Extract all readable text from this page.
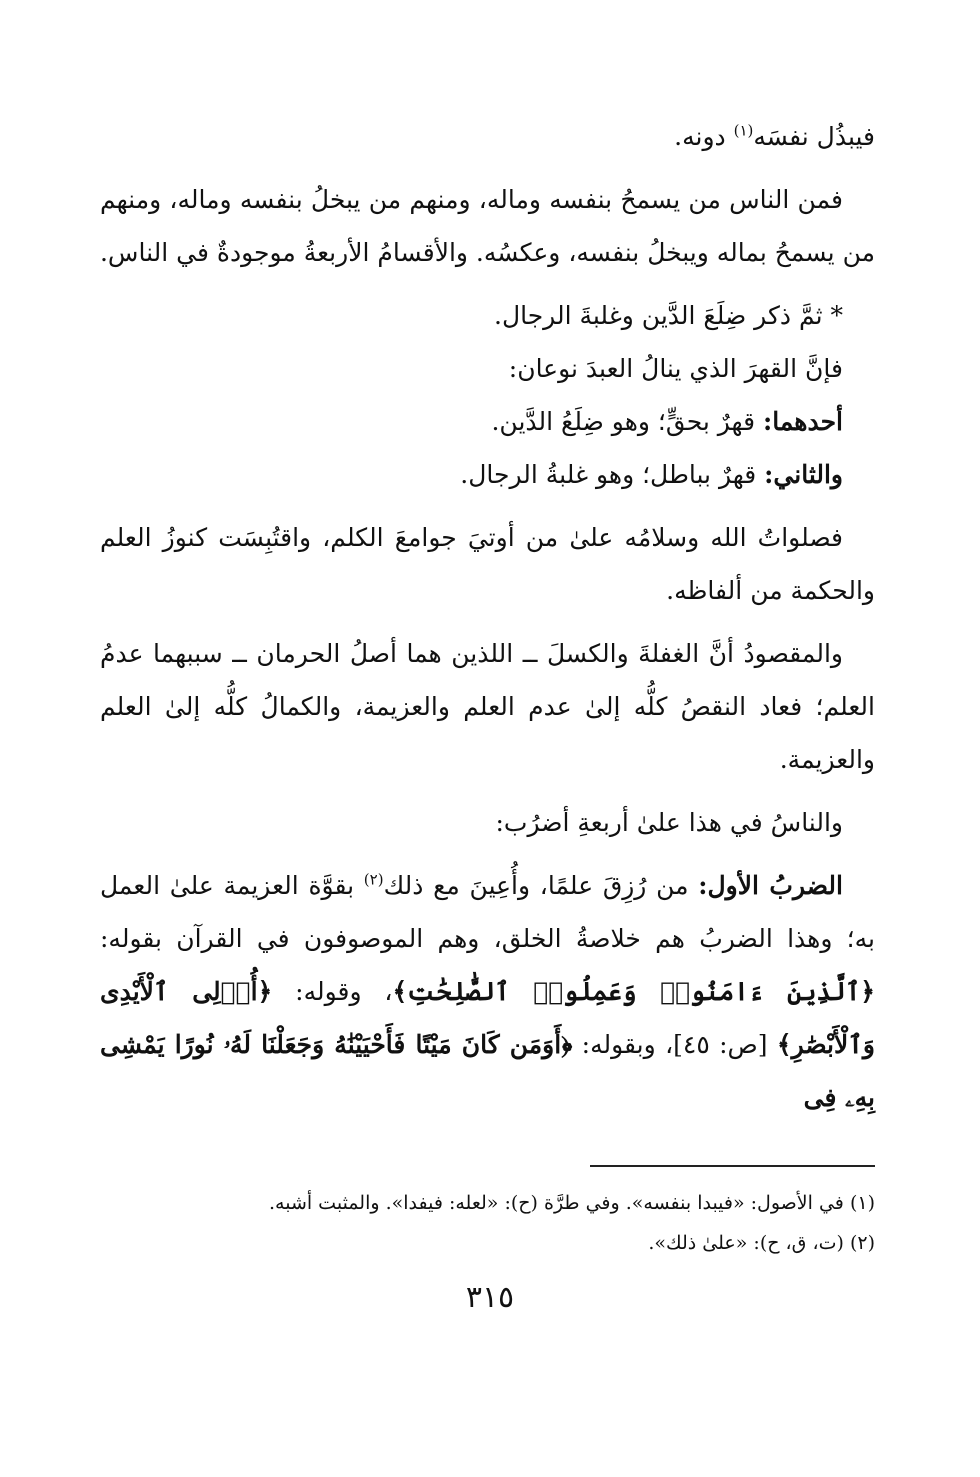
فيبذُل نفسَه$^{(١)}$ دونه.

فمن الناس من يسمحُ بنفسه وماله، ومنهم من يبخلُ بنفسه وماله، ومنهم من يسمحُ بماله ويبخلُ بنفسه، وعكسُه. والأقسامُ الأربعةُ موجودةٌ في الناس.

* ثمَّ ذكر ضِلَعَ الدَّين وغلبةَ الرجال.

فإنَّ القهرَ الذي ينالُ العبدَ نوعان:

أحدهما: قهرٌ بحقٍّ؛ وهو ضِلَعُ الدَّين.

والثاني: قهرٌ بباطل؛ وهو غلبةُ الرجال.

فصلواتُ الله وسلامُه علىٰ من أوتيَ جوامعَ الكلم، واقتُبِسَت كنوزُ العلم والحكمة من ألفاظه.

والمقصودُ أنَّ الغفلةَ والكسلَ ــ اللذين هما أصلُ الحرمان ــ سببهما عدمُ العلم؛ فعاد النقصُ كلُّه إلىٰ عدم العلم والعزيمة، والكمالُ كلُّه إلىٰ العلم والعزيمة.

والناسُ في هذا علىٰ أربعةِ أضرُب:

الضربُ الأول: من رُزِقَ علمًا، وأُعِينَ مع ذلك$^{(٢)}$ بقوَّة العزيمة علىٰ العمل به؛ وهذا الضربُ هم خلاصةُ الخلق، وهم الموصوفون في القرآن بقوله: ﴿ٱلَّذِينَ ءَامَنُوا۟ وَعَمِلُوا۟ ٱلصَّٰلِحَٰتِ﴾، وقوله: ﴿أُو۟لِى ٱلْأَيْدِى وَٱلْأَبْصَٰرِ﴾ [ص: ٤٥]، وبقوله: ﴿أَوَمَن كَانَ مَيْتًا فَأَحْيَيْنَٰهُ وَجَعَلْنَا لَهُۥ نُورًا يَمْشِى بِهِۦ فِى

(١) في الأصول: «فيبدا بنفسه». وفي طرَّة (ح): «لعله: فيفدا». والمثبت أشبه.

(٢) (ت، ق، ح): «علىٰ ذلك».

٣١٥
